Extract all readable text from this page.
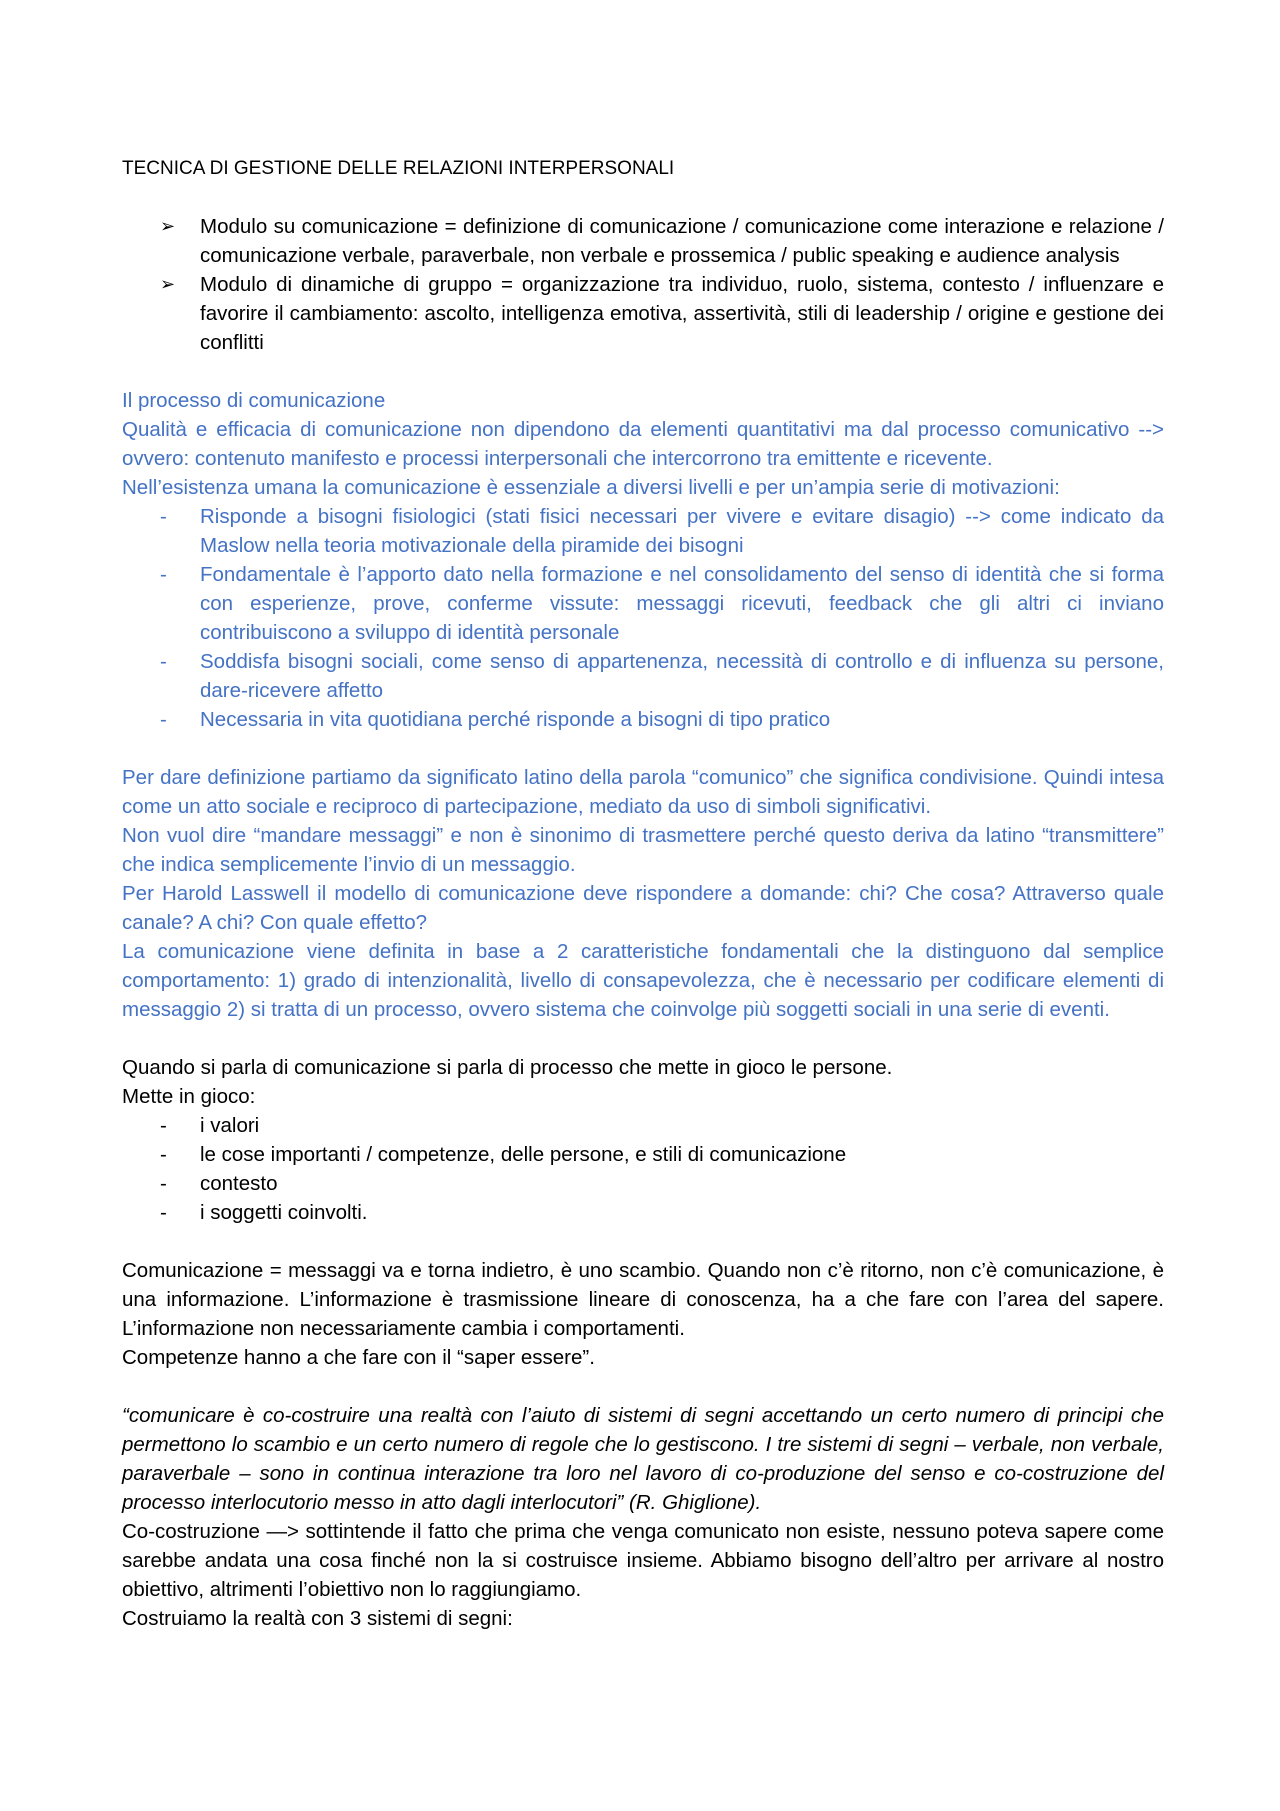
TECNICA DI GESTIONE DELLE RELAZIONI INTERPERSONALI

➢ Modulo su comunicazione = definizione di comunicazione / comunicazione come interazione e relazione / comunicazione verbale, paraverbale, non verbale e prossemica / public speaking e audience analysis
➢ Modulo di dinamiche di gruppo = organizzazione tra individuo, ruolo, sistema, contesto / influenzare e favorire il cambiamento: ascolto, intelligenza emotiva, assertività, stili di leadership / origine e gestione dei conflitti

Il processo di comunicazione

Qualità e efficacia di comunicazione non dipendono da elementi quantitativi ma dal processo comunicativo --> ovvero: contenuto manifesto e processi interpersonali che intercorrono tra emittente e ricevente.

Nell’esistenza umana la comunicazione è essenziale a diversi livelli e per un’ampia serie di motivazioni:

- Risponde a bisogni fisiologici (stati fisici necessari per vivere e evitare disagio) --> come indicato da Maslow nella teoria motivazionale della piramide dei bisogni
- Fondamentale è l’apporto dato nella formazione e nel consolidamento del senso di identità che si forma con esperienze, prove, conferme vissute: messaggi ricevuti, feedback che gli altri ci inviano contribuiscono a sviluppo di identità personale
- Soddisfa bisogni sociali, come senso di appartenenza, necessità di controllo e di influenza su persone, dare-ricevere affetto
- Necessaria in vita quotidiana perché risponde a bisogni di tipo pratico

Per dare definizione partiamo da significato latino della parola “comunico” che significa condivisione. Quindi intesa come un atto sociale e reciproco di partecipazione, mediato da uso di simboli significativi.

Non vuol dire “mandare messaggi” e non è sinonimo di trasmettere perché questo deriva da latino “transmittere” che indica semplicemente l’invio di un messaggio.

Per Harold Lasswell il modello di comunicazione deve rispondere a domande: chi? Che cosa? Attraverso quale canale? A chi? Con quale effetto?

La comunicazione viene definita in base a 2 caratteristiche fondamentali che la distinguono dal semplice comportamento: 1) grado di intenzionalità, livello di consapevolezza, che è necessario per codificare elementi di messaggio 2) si tratta di un processo, ovvero sistema che coinvolge più soggetti sociali in una serie di eventi.

Quando si parla di comunicazione si parla di processo che mette in gioco le persone.

Mette in gioco:

- i valori
- le cose importanti / competenze, delle persone, e stili di comunicazione
- contesto
- i soggetti coinvolti.

Comunicazione = messaggi va e torna indietro, è uno scambio. Quando non c’è ritorno, non c’è comunicazione, è una informazione. L’informazione è trasmissione lineare di conoscenza, ha a che fare con l’area del sapere. L’informazione non necessariamente cambia i comportamenti.

Competenze hanno a che fare con il “saper essere”.

“comunicare è co-costruire una realtà con l’aiuto di sistemi di segni accettando un certo numero di principi che permettono lo scambio e un certo numero di regole che lo gestiscono. I tre sistemi di segni – verbale, non verbale, paraverbale – sono in continua interazione tra loro nel lavoro di co-produzione del senso e co-costruzione del processo interlocutorio messo in atto dagli interlocutori” (R. Ghiglione).

Co-costruzione —> sottintende il fatto che prima che venga comunicato non esiste, nessuno poteva sapere come sarebbe andata una cosa finché non la si costruisce insieme. Abbiamo bisogno dell’altro per arrivare al nostro obiettivo, altrimenti l’obiettivo non lo raggiungiamo.

Costruiamo la realtà con 3 sistemi di segni:
